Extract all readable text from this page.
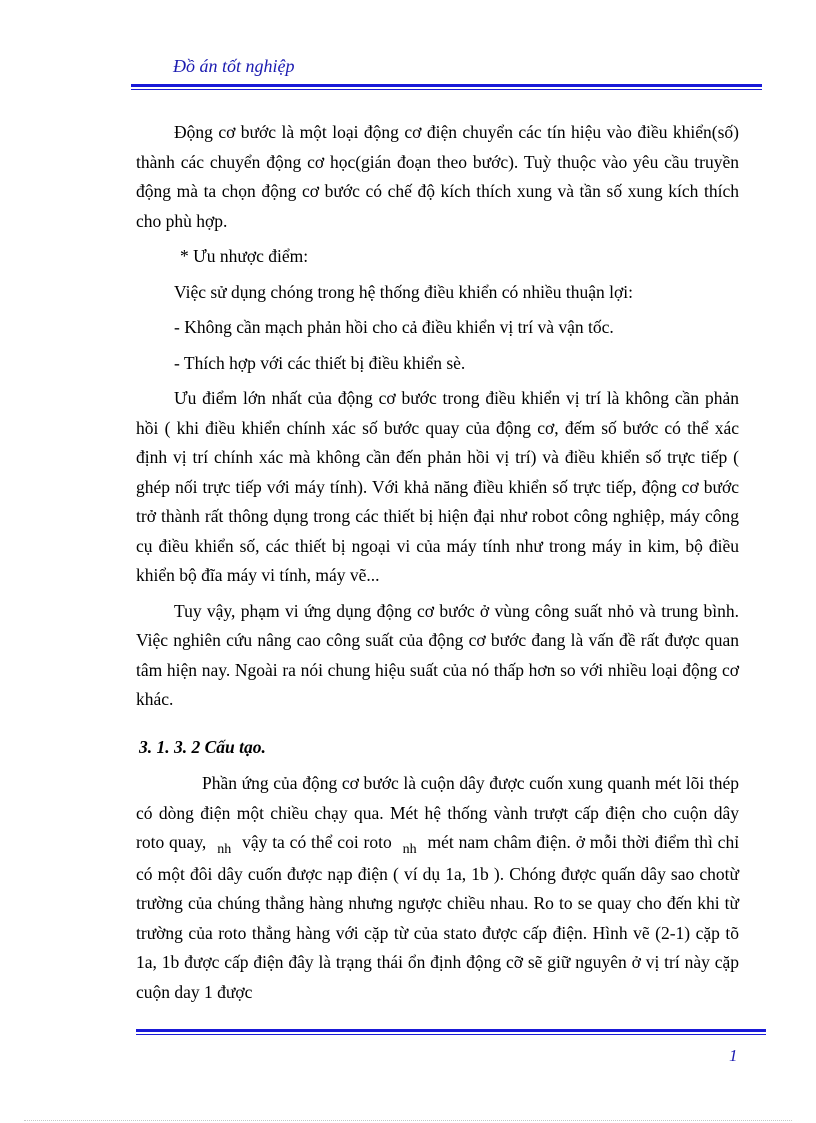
Đồ án tốt nghiệp

Động cơ bước là một loại động cơ điện chuyển các tín hiệu vào điều khiển(số) thành các chuyển động cơ học(gián đoạn theo bước). Tuỳ thuộc vào yêu cầu truyền động mà ta chọn động cơ bước có chế độ kích thích xung và tần số xung kích thích cho phù hợp.

* Ưu nhược điểm:

Việc sử dụng chóng trong hệ thống điều khiển có nhiều thuận lợi:

- Không cần mạch phản hồi cho cả điều khiển vị trí và vận tốc.

- Thích hợp với các thiết bị điều khiển sè.

Ưu điểm lớn nhất của động cơ bước trong điều khiển vị trí là không cần phản hồi ( khi điều khiển chính xác số bước quay của động cơ, đếm số bước có thể xác định vị trí chính xác mà không cần đến phản hồi vị trí) và điều khiển số trực tiếp ( ghép nối trực tiếp với máy tính). Với khả năng điều khiển số trực tiếp, động cơ bước trở thành rất thông dụng trong các thiết bị hiện đại như robot công nghiệp, máy công cụ điều khiển số, các thiết bị ngoại vi của máy tính như trong máy in kim, bộ điều khiển bộ đĩa máy vi tính, máy vẽ...

Tuy vậy, phạm vi ứng dụng động cơ bước ở vùng công suất nhỏ và trung bình. Việc nghiên cứu nâng cao công suất của động cơ bước đang là vấn đề rất được quan tâm hiện nay. Ngoài ra nói chung hiệu suất của nó thấp hơn so với nhiều loại động cơ khác.

3. 1. 3. 2 Cấu tạo.

Phần ứng của động cơ bước là cuộn dây được cuốn xung quanh mét lõi thép có dòng điện một chiều chạy qua. Mét hệ thống vành trượt cấp điện cho cuộn dây roto quay, $_{nh}$ vậy ta có thể coi roto $_{nh}$ mét nam châm điện. ở mỗi thời điểm thì chỉ có một đôi dây cuốn được nạp điện ( ví dụ 1a, 1b ). Chóng được quấn dây sao chotừ trường của chúng thẳng hàng nhưng ngược chiều nhau. Ro to se quay cho đến khi từ trường của roto thẳng hàng với cặp từ của stato được cấp điện. Hình vẽ (2-1) cặp tõ 1a, 1b được cấp điện đây là trạng thái ổn định động cỡ sẽ giữ nguyên ở vị trí này cặp cuộn day 1 được

1
